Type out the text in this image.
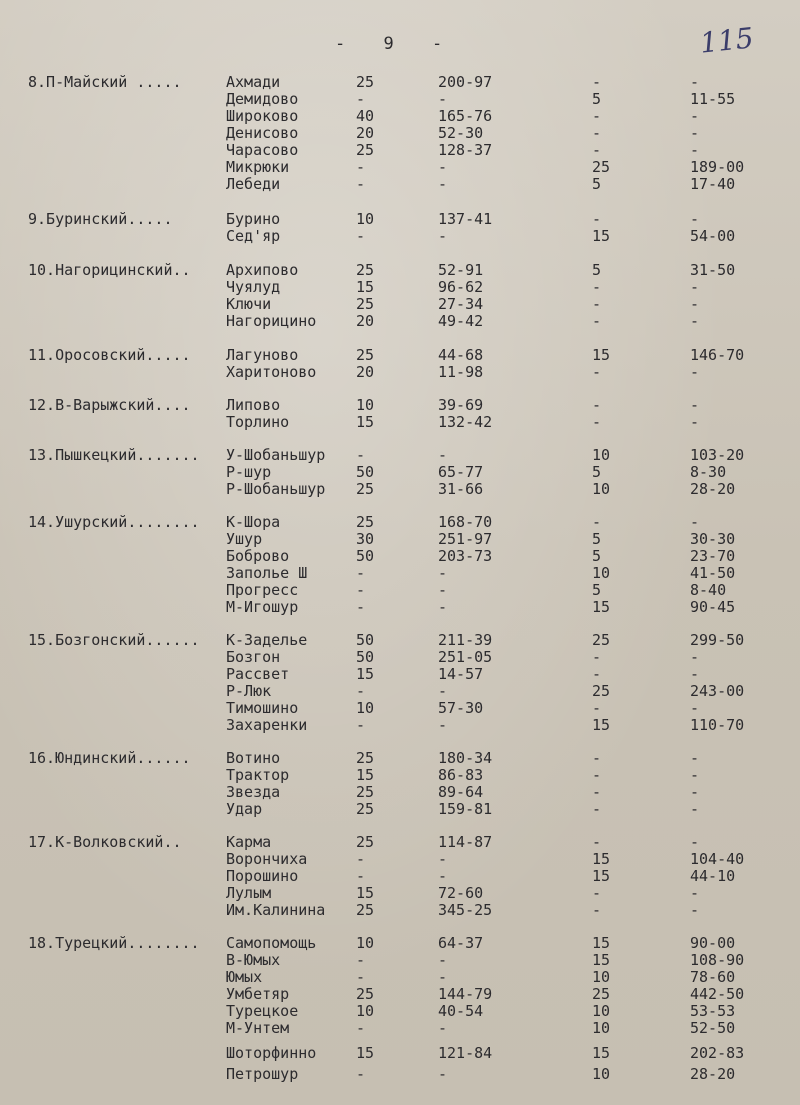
- 9 -	115
8.П-Майский .....	Ахмади	25	200-97	-	-
Демидово	-	-	5	11-55
Широково	40	165-76	-	-
Денисово	20	52-30	-	-
Чарасово	25	128-37	-	-
Микрюки	-	-	25	189-00
Лебеди	-	-	5	17-40
9.Буринский.....	Бурино	10	137-41	-	-
Сед'яр	-	-	15	54-00
10.Нагорицинский.. Архипово	25	52-91	5	31-50
Чуялуд	15	96-62	-	-
Ключи	25	27-34	-	-
Нагорицино	20	49-42	-	-
11.Оросовский..... Лагуново	25	44-68	15	146-70
Харитоново	20	11-98	-	-
12.В-Варыжский.... Липово	10	39-69	-	-
Торлино	15	132-42	-	-
13.Пышкецкий....... У-Шобаньшур -	-	10	103-20
Р-шур	50	65-77	5	8-30
Р-Шобаньшур 25	31-66	10	28-20
14.Ушурский........ К-Шора	25	168-70	-	-
Ушур	30	251-97	5	30-30
Боброво	50	203-73	5	23-70
Заполье Ш	-	-	10	41-50
Прогресс	-	-	5	8-40
М-Игошур	-	-	15	90-45
15.Бозгонский...... К-Заделье	50	211-39	25	299-50
Бозгон	50	251-05	-	-
Рассвет	15	14-57	-	-
Р-Люк	-	-	25	243-00
Тимошино	10	57-30	-	-
Захаренки	-	-	15	110-70
16.Юндинский...... Вотино	25	180-34	-	-
Трактор	15	86-83	-	-
Звезда	25	89-64	-	-
Удар	25	159-81	-	-
17.К-Волковский..	Карма	25	114-87	-	-
Ворончиха	-	-	15	104-40
Порошино	-	-	15	44-10
Лулым	15	72-60	-	-
Им.Калинина 25	345-25	-	-
18.Турецкий........ Самопомощь	10	64-37	15	90-00
В-Юмых	-	-	15	108-90
Юмых	-	-	10	78-60
Умбетяр	25	144-79	25	442-50
Турецкое	10	40-54	10	53-53
М-Унтем	-	-	10	52-50
Шоторфинно	15	121-84	15	202-83
Петрошур	-	-	10	28-20
